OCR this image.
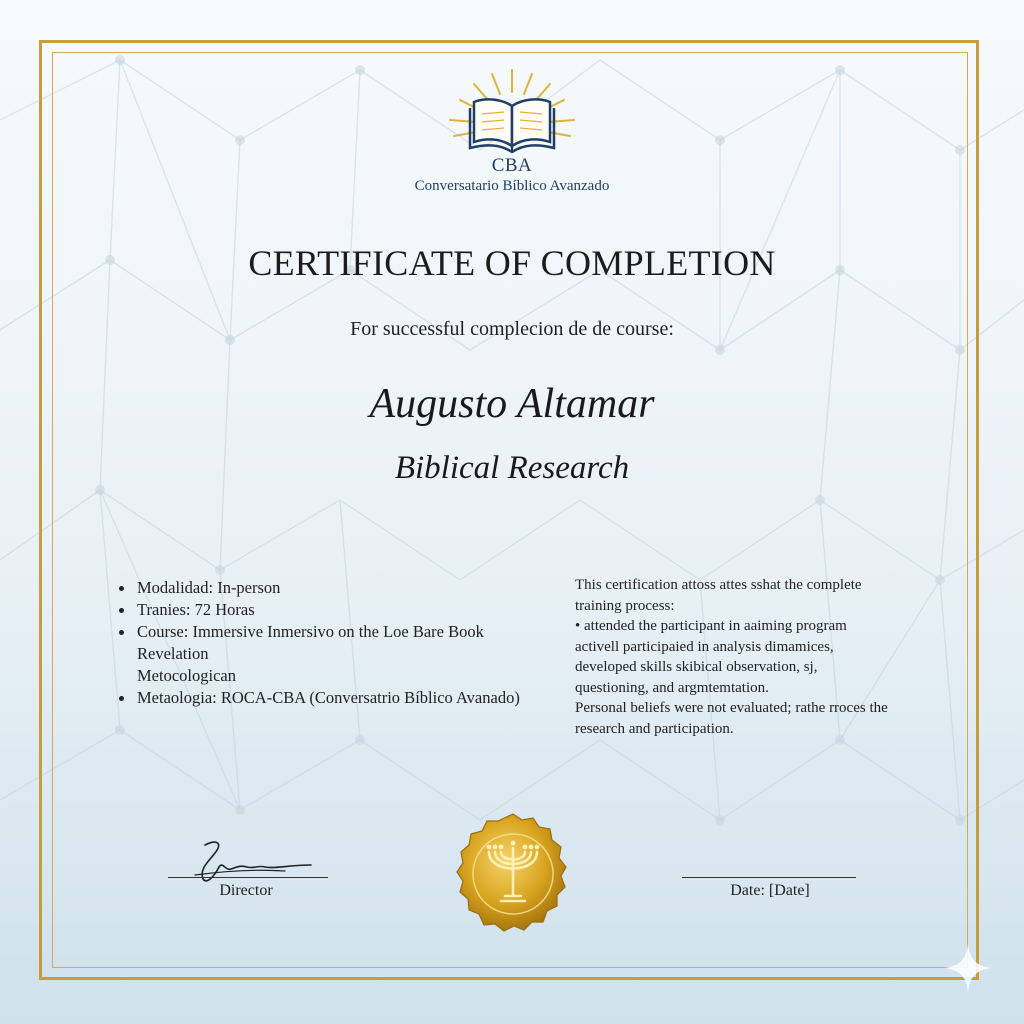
CBA
Conversatario Bíblico Avanzado
CERTIFICATE OF COMPLETION
For successful complecion de de course:
Augusto Altamar
Biblical Research
Modalidad: In-person
Tranies: 72 Horas
Course: Immersive Inmersivo on the Loe Bare Book
Revelation
Metocologican
Metaologia: ROCA-CBA (Conversatrio Bíblico Avanado)

This certification attoss attes sshat the complete

training process:

• attended the participant in aaiming program

activell participaied in analysis dimamices,

developed skills skibical observation, sj,

questioning, and argmtemtation.

Personal beliefs were not evaluated; rathe rroces the

research and participation.

Director	Date: [Date]
